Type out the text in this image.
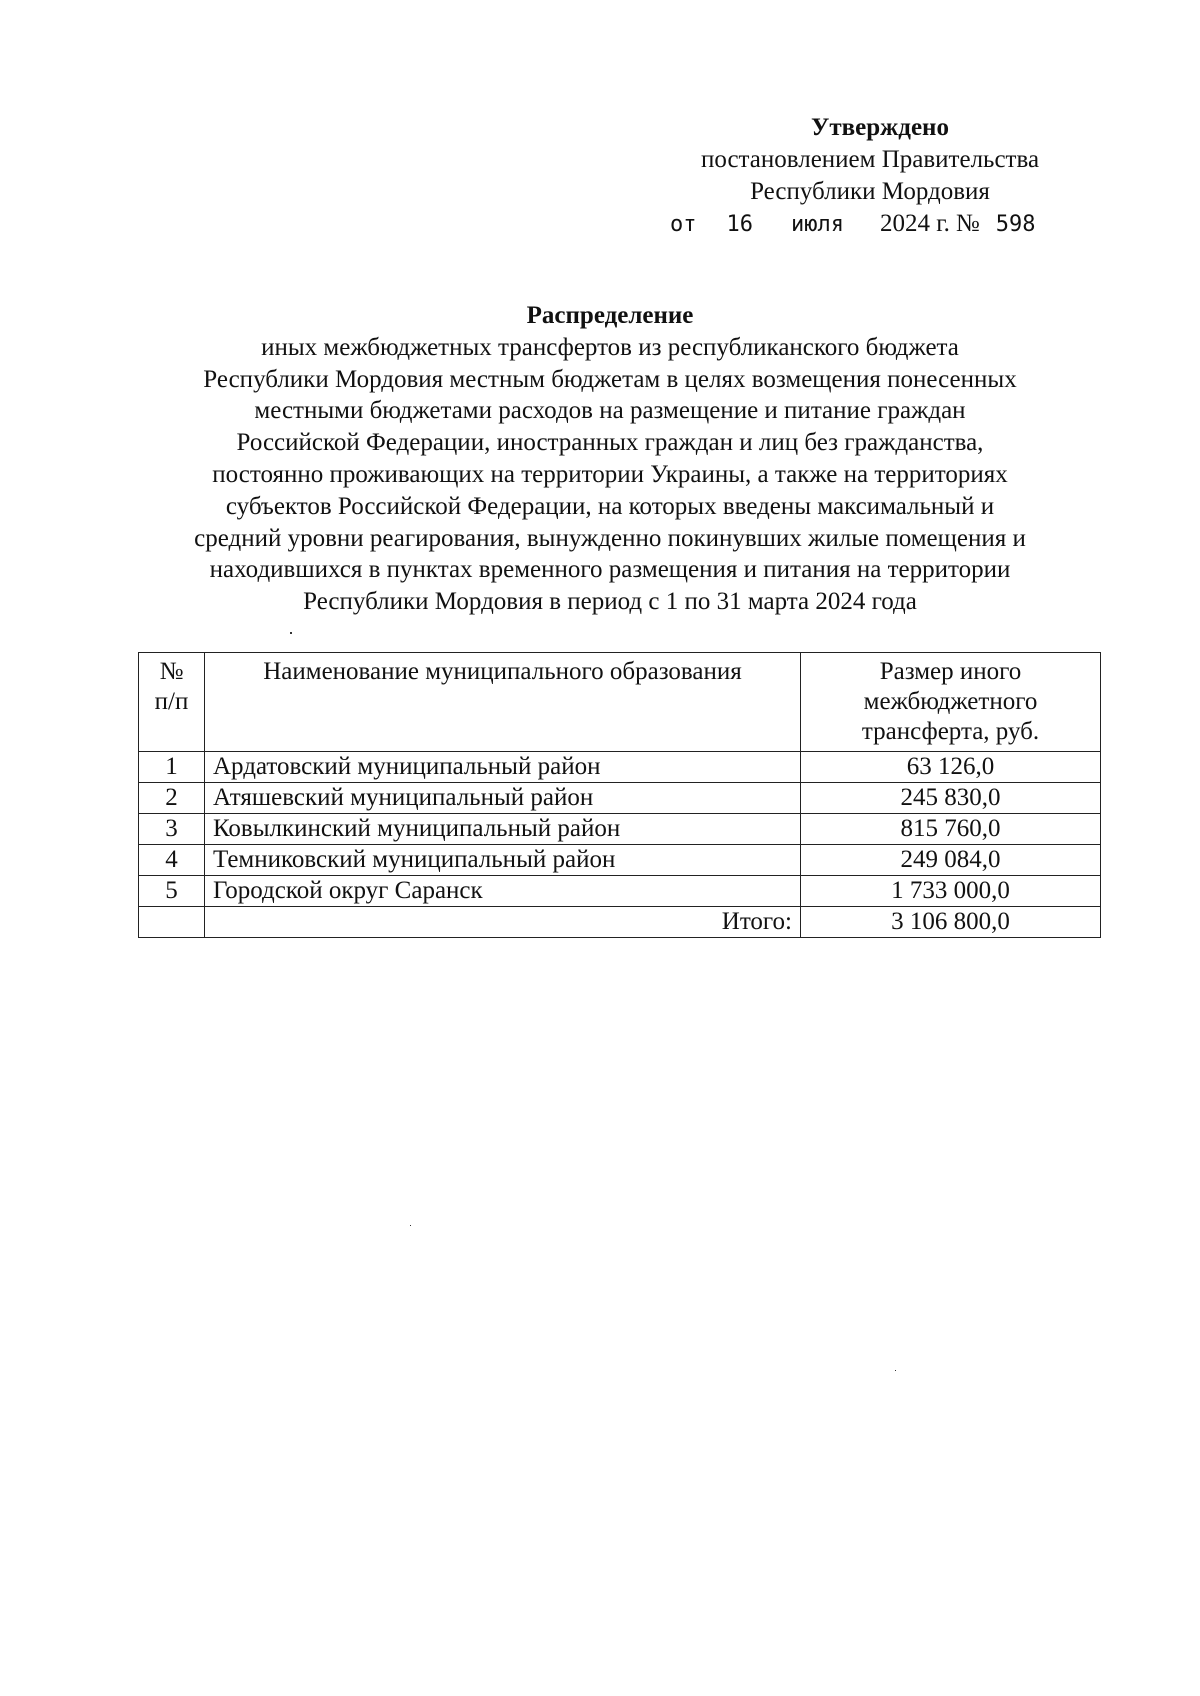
Утверждено
постановлением Правительства
Республики Мордовия
от 16 июля 2024 г. № 598
Распределение
иных межбюджетных трансфертов из республиканского бюджета
Республики Мордовия местным бюджетам в целях возмещения понесенных
местными бюджетами расходов на размещение и питание граждан
Российской Федерации, иностранных граждан и лиц без гражданства,
постоянно проживающих на территории Украины, а также на территориях
субъектов Российской Федерации, на которых введены максимальный и
средний уровни реагирования, вынужденно покинувших жилые помещения и
находившихся в пунктах временного размещения и питания на территории
Республики Мордовия в период с 1 по 31 марта 2024 года
№
п/п	Наименование муниципального образования	Размер иного межбюджетного трансферта, руб.
1	Ардатовский муниципальный район	63 126,0
2	Атяшевский муниципальный район	245 830,0
3	Ковылкинский муниципальный район	815 760,0
4	Темниковский муниципальный район	249 084,0
5	Городской округ Саранск	1 733 000,0
	Итого:	3 106 800,0
